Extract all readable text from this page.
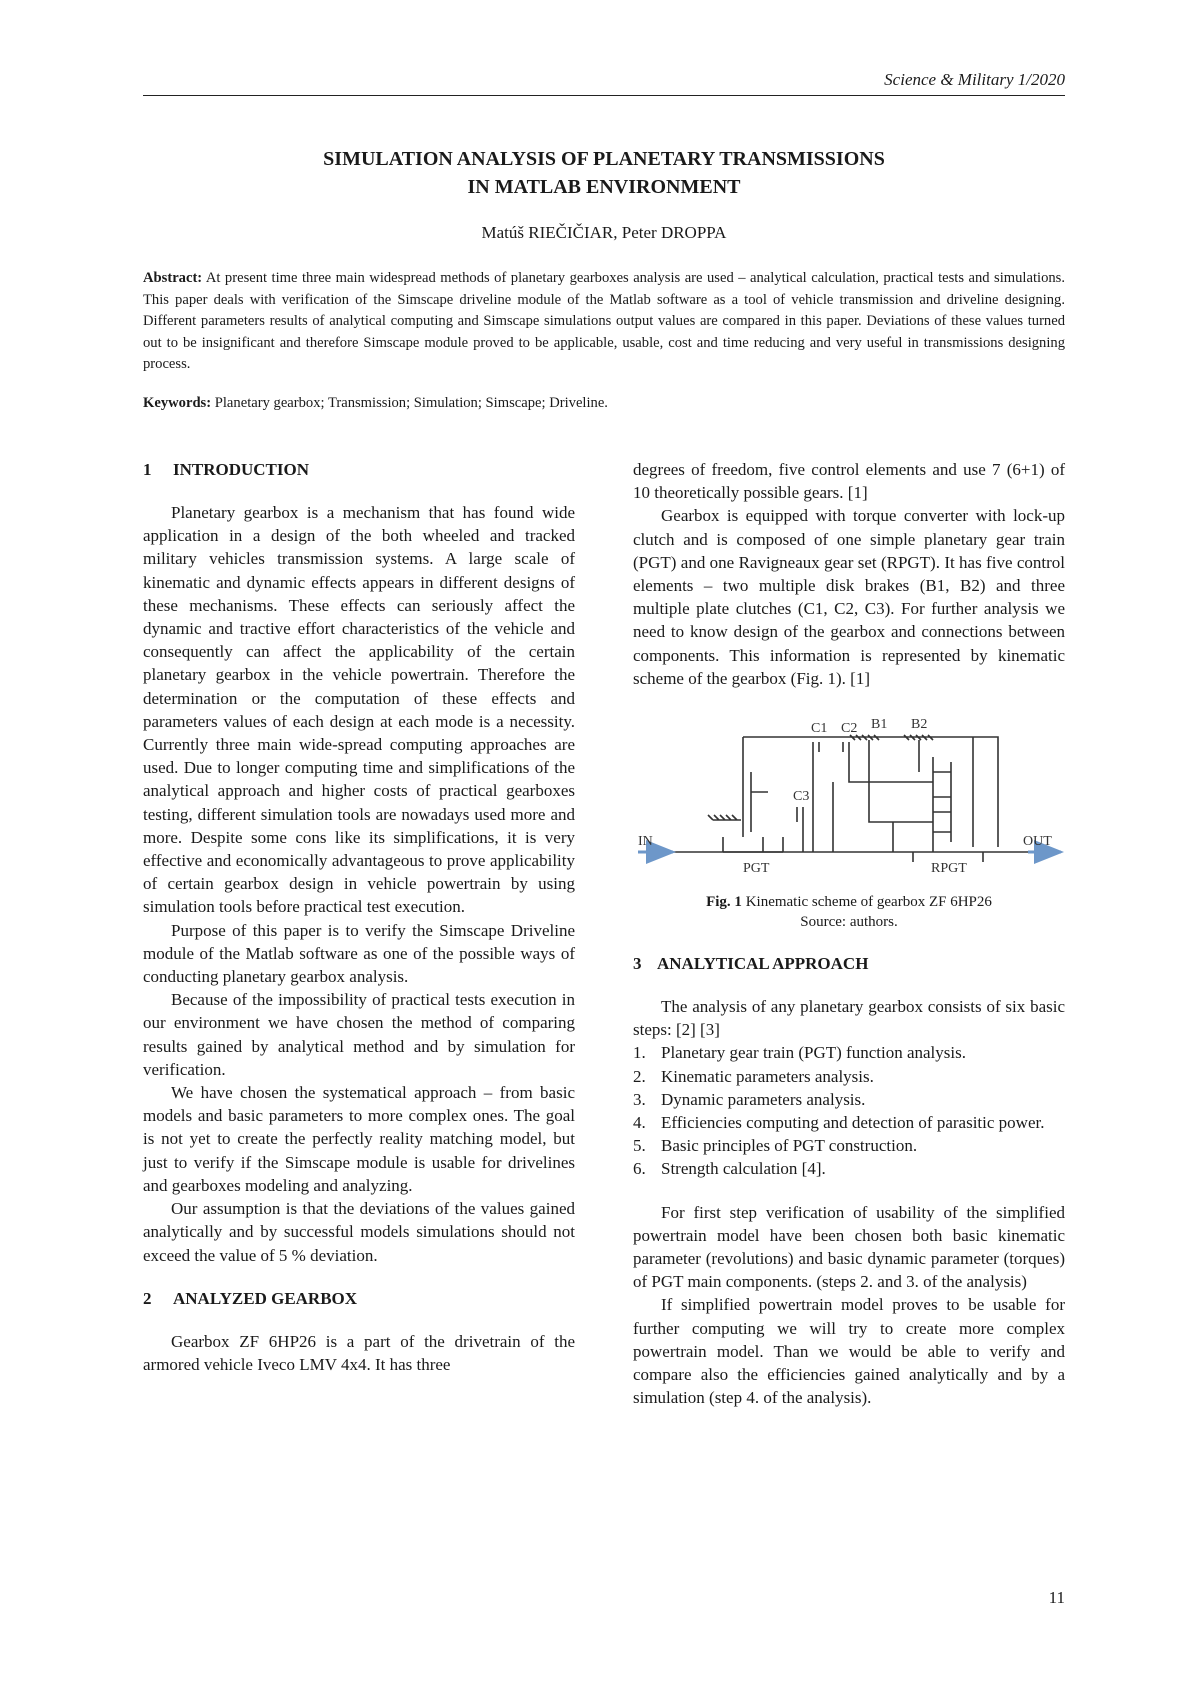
Science & Military 1/2020
SIMULATION ANALYSIS OF PLANETARY TRANSMISSIONS
IN MATLAB ENVIRONMENT
Matúš RIEČIČIAR, Peter DROPPA
Abstract: At present time three main widespread methods of planetary gearboxes analysis are used – analytical calculation, practical tests and simulations. This paper deals with verification of the Simscape driveline module of the Matlab software as a tool of vehicle transmission and driveline designing. Different parameters results of analytical computing and Simscape simulations output values are compared in this paper. Deviations of these values turned out to be insignificant and therefore Simscape module proved to be applicable, usable, cost and time reducing and very useful in transmissions designing process.
Keywords: Planetary gearbox; Transmission; Simulation; Simscape; Driveline.
1	INTRODUCTION

Planetary gearbox is a mechanism that has found wide application in a design of the both wheeled and tracked military vehicles transmission systems. A large scale of kinematic and dynamic effects appears in different designs of these mechanisms. These effects can seriously affect the dynamic and tractive effort characteristics of the vehicle and consequently can affect the applicability of the certain planetary gearbox in the vehicle powertrain. Therefore the determination or the computation of these effects and parameters values of each design at each mode is a necessity. Currently three main wide-spread computing approaches are used. Due to longer computing time and simplifications of the analytical approach and higher costs of practical gearboxes testing, different simulation tools are nowadays used more and more. Despite some cons like its simplifications, it is very effective and economically advantageous to prove applicability of certain gearbox design in vehicle powertrain by using simulation tools before practical test execution.

Purpose of this paper is to verify the Simscape Driveline module of the Matlab software as one of the possible ways of conducting planetary gearbox analysis.

Because of the impossibility of practical tests execution in our environment we have chosen the method of comparing results gained by analytical method and by simulation for verification.

We have chosen the systematical approach – from basic models and basic parameters to more complex ones. The goal is not yet to create the perfectly reality matching model, but just to verify if the Simscape module is usable for drivelines and gearboxes modeling and analyzing.

Our assumption is that the deviations of the values gained analytically and by successful models simulations should not exceed the value of 5 % deviation.

2	ANALYZED GEARBOX

Gearbox ZF 6HP26 is a part of the drivetrain of the armored vehicle Iveco LMV 4x4. It has three

degrees of freedom, five control elements and use 7 (6+1) of 10 theoretically possible gears. [1]

Gearbox is equipped with torque converter with lock-up clutch and is composed of one simple planetary gear train (PGT) and one Ravigneaux gear set (RPGT). It has five control elements – two multiple disk brakes (B1, B2) and three multiple plate clutches (C1, C2, C3). For further analysis we need to know design of the gearbox and connections between components. This information is represented by kinematic scheme of the gearbox (Fig. 1). [1]

C1 C2 B1 B2
C3
IN	OUT
PGT	RPGT
Fig. 1 Kinematic scheme of gearbox ZF 6HP26
Source: authors.
3 ANALYTICAL APPROACH

The analysis of any planetary gearbox consists of six basic steps: [2] [3]

1. Planetary gear train (PGT) function analysis.
2. Kinematic parameters analysis.
3. Dynamic parameters analysis.
4. Efficiencies computing and detection of parasitic power.
5. Basic principles of PGT construction.
6. Strength calculation [4].

For first step verification of usability of the simplified powertrain model have been chosen both basic kinematic parameter (revolutions) and basic dynamic parameter (torques) of PGT main components. (steps 2. and 3. of the analysis)

If simplified powertrain model proves to be usable for further computing we will try to create more complex powertrain model. Than we would be able to verify and compare also the efficiencies gained analytically and by a simulation (step 4. of the analysis).

11
